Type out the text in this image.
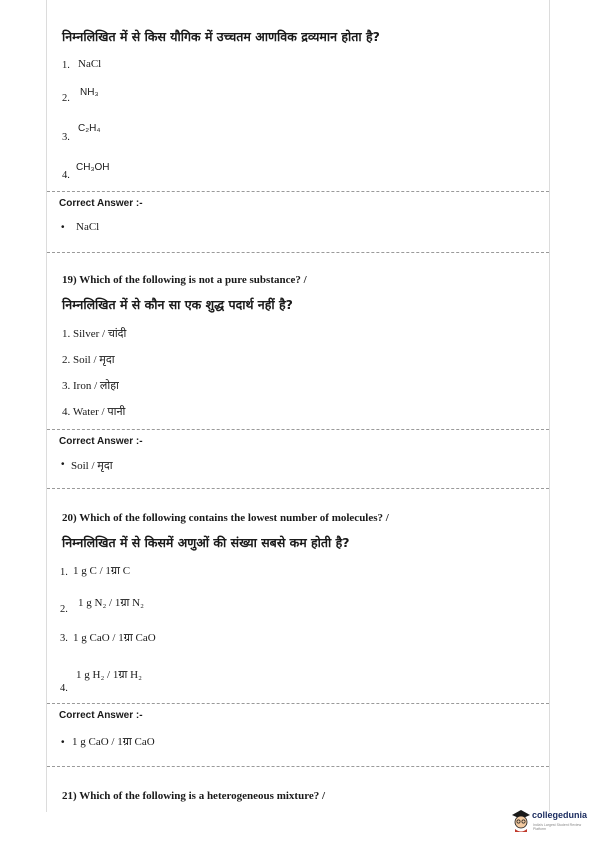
निम्नलिखित में से किस यौगिक में उच्चतम आणविक द्रव्यमान होता है?
1. NaCl
NH₃
2.
C₂H₄
3.
CH₃OH
4.
Correct Answer :-
• NaCl
19) Which of the following is not a pure substance? /
निम्नलिखित में से कौन सा एक शुद्ध पदार्थ नहीं है?
1. Silver / चांदी
2. Soil / मृदा
3. Iron / लोहा
4. Water / पानी
Correct Answer :-
• Soil / मृदा
20) Which of the following contains the lowest number of molecules? /
निम्नलिखित में से किसमें अणुओं की संख्या सबसे कम होती है?
1. 1 g C / 1ग्रा C
1 g N₂ / 1ग्रा N₂
2.
3. 1 g CaO / 1ग्रा CaO
1 g H₂ / 1ग्रा H₂
4.
Correct Answer :-
• 1 g CaO / 1ग्रा CaO
21) Which of the following is a heterogeneous mixture? /
collegedunia
India's Largest Student Review Platform
